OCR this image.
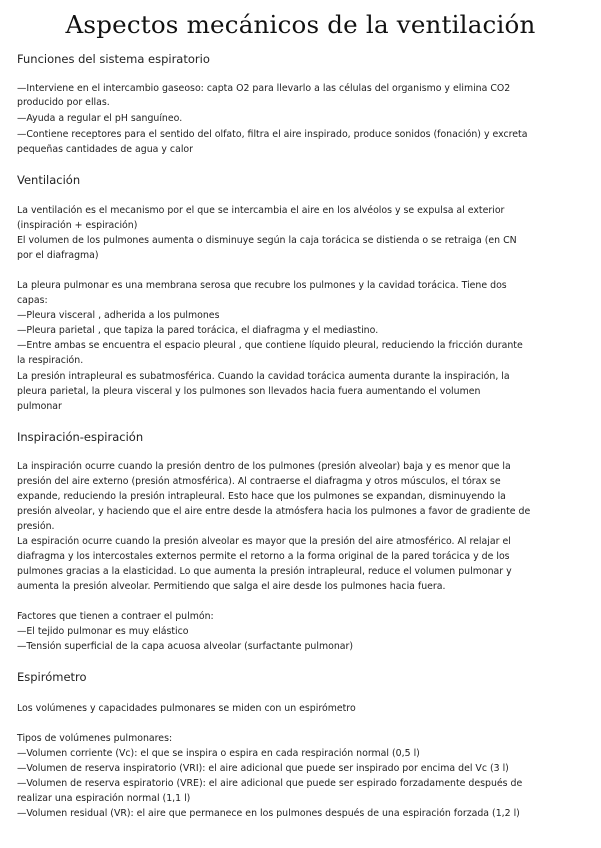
Aspectos mecánicos de la ventilación
Funciones del sistema espiratorio
—Interviene en el intercambio gaseoso: capta O2 para llevarlo a las células del organismo y elimina CO2
producido por ellas.
—Ayuda a regular el pH sanguíneo.
—Contiene receptores para el sentido del olfato, filtra el aire inspirado, produce sonidos (fonación) y excreta
pequeñas cantidades de agua y calor
Ventilación
La ventilación es el mecanismo por el que se intercambia el aire en los alvéolos y se expulsa al exterior
(inspiración + espiración)
El volumen de los pulmones aumenta o disminuye según la caja torácica se distienda o se retraiga (en CN
por el diafragma)
La pleura pulmonar es una membrana serosa que recubre los pulmones y la cavidad torácica. Tiene dos
capas:
—Pleura visceral , adherida a los pulmones
—Pleura parietal , que tapiza la pared torácica, el diafragma y el mediastino.
—Entre ambas se encuentra el espacio pleural , que contiene líquido pleural, reduciendo la fricción durante
la respiración.
La presión intrapleural es subatmosférica. Cuando la cavidad torácica aumenta durante la inspiración, la
pleura parietal, la pleura visceral y los pulmones son llevados hacia fuera aumentando el volumen
pulmonar
Inspiración-espiración
La inspiración ocurre cuando la presión dentro de los pulmones (presión alveolar) baja y es menor que la
presión del aire externo (presión atmosférica). Al contraerse el diafragma y otros músculos, el tórax se
expande, reduciendo la presión intrapleural. Esto hace que los pulmones se expandan, disminuyendo la
presión alveolar, y haciendo que el aire entre desde la atmósfera hacia los pulmones a favor de gradiente de
presión.
La espiración ocurre cuando la presión alveolar es mayor que la presión del aire atmosférico. Al relajar el
diafragma y los intercostales externos permite el retorno a la forma original de la pared torácica y de los
pulmones gracias a la elasticidad. Lo que aumenta la presión intrapleural, reduce el volumen pulmonar y
aumenta la presión alveolar. Permitiendo que salga el aire desde los pulmones hacia fuera.
Factores que tienen a contraer el pulmón:
—El tejido pulmonar es muy elástico
—Tensión superficial de la capa acuosa alveolar (surfactante pulmonar)
Espirómetro
Los volúmenes y capacidades pulmonares se miden con un espirómetro
Tipos de volúmenes pulmonares:
—Volumen corriente (Vc): el que se inspira o espira en cada respiración normal (0,5 l)
—Volumen de reserva inspiratorio (VRI): el aire adicional que puede ser inspirado por encima del Vc (3 l)
—Volumen de reserva espiratorio (VRE): el aire adicional que puede ser espirado forzadamente después de
realizar una espiración normal (1,1 l)
—Volumen residual (VR): el aire que permanece en los pulmones después de una espiración forzada (1,2 l)
